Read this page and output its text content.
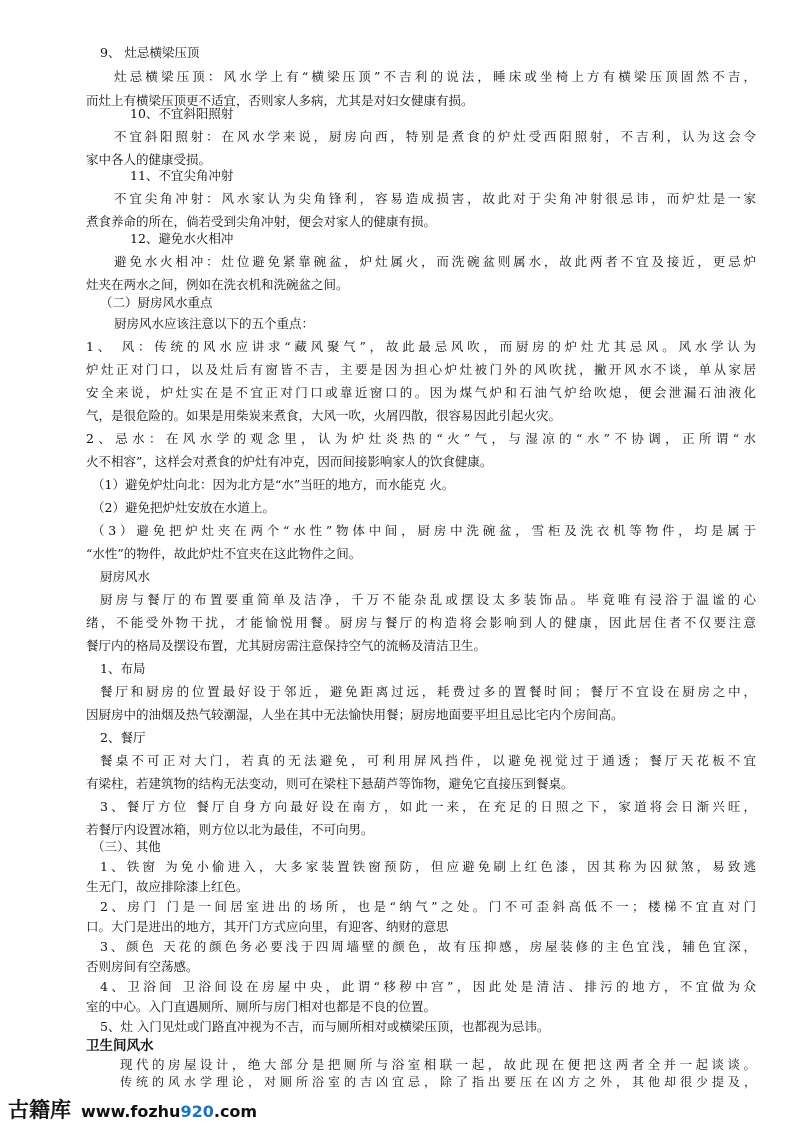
9、 灶忌横梁压顶
灶忌横梁压顶：风水学上有“横梁压顶”不吉利的说法，睡床或坐椅上方有横梁压顶固然不吉，
而灶上有横梁压顶更不适宜，否则家人多病，尤其是对妇女健康有损。
10、不宜斜阳照射
不宜斜阳照射：在风水学来说，厨房向西，特别是煮食的炉灶受西阳照射，不吉利，认为这会令
家中各人的健康受损。
11、不宜尖角冲射
不宜尖角冲射：风水家认为尖角锋利，容易造成损害，故此对于尖角冲射很忌讳，而炉灶是一家
煮食养命的所在，倘若受到尖角冲射，便会对家人的健康有损。
12、避免水火相冲
避免水火相冲：灶位避免紧靠碗盆，炉灶属火，而洗碗盆则属水，故此两者不宜及接近，更忌炉
灶夹在两水之间，例如在洗衣机和洗碗盆之间。
（二）厨房风水重点
厨房风水应该注意以下的五个重点：
1、 风：传统的风水应讲求“藏风聚气”，故此最忌风吹，而厨房的炉灶尤其忌风。风水学认为
炉灶正对门口，以及灶后有窗皆不吉，主要是因为担心炉灶被门外的风吹扰，撇开风水不谈，单从家居
安全来说，炉灶实在是不宜正对门口或靠近窗口的。因为煤气炉和石油气炉给吹熄，便会泄漏石油液化
气，是很危险的。如果是用柴炭来煮食，大风一吹，火屑四散，很容易因此引起火灾。
2、忌水：在风水学的观念里，认为炉灶炎热的“火”气，与湿凉的“水”不协调，正所谓“水
火不相容”，这样会对煮食的炉灶有冲克，因而间接影响家人的饮食健康。
（1）避免炉灶向北：因为北方是“水”当旺的地方，而水能克 火。
（2）避免把炉灶安放在水道上。
（3）避免把炉灶夹在两个“水性”物体中间，厨房中洗碗盆，雪柜及洗衣机等物件，均是属于
“水性”的物件，故此炉灶不宜夹在这此物件之间。
厨房风水
厨房与餐厅的布置要重简单及洁净，千万不能杂乱或摆设太多装饰品。毕竟唯有浸浴于温谧的心
绪，不能受外物干扰，才能愉悦用餐。厨房与餐厅的构造将会影响到人的健康，因此居住者不仅要注意
餐厅内的格局及摆设布置，尤其厨房需注意保持空气的流畅及清洁卫生。
1、布局
餐厅和厨房的位置最好设于邻近，避免距离过远，耗费过多的置餐时间；餐厅不宜设在厨房之中，
因厨房中的油烟及热气较潮湿，人坐在其中无法愉快用餐；厨房地面要平坦且忌比宅内个房间高。
2、餐厅
餐桌不可正对大门，若真的无法避免，可利用屏风挡件，以避免视觉过于通透；餐厅天花板不宜
有梁柱，若建筑物的结构无法变动，则可在梁柱下悬葫芦等饰物，避免它直接压到餐桌。
3、餐厅方位 餐厅自身方向最好设在南方，如此一来，在充足的日照之下，家道将会日渐兴旺，
若餐厅内设置冰箱，则方位以北为最佳，不可向男。
（三）、其他
1、铁窗 为免小偷进入，大多家装置铁窗预防，但应避免刷上红色漆，因其称为囚狱煞，易致逃
生无门，故应排除漆上红色。
2、房门 门是一间居室进出的场所，也是“纳气”之处。门不可歪斜高低不一；楼梯不宜直对门
口。大门是进出的地方，其开门方式应向里，有迎客、纳财的意思
3、颜色 天花的颜色务必要浅于四周墙壁的颜色，故有压抑感，房屋装修的主色宜浅，辅色宜深，
否则房间有空荡感。
4、卫浴间 卫浴间设在房屋中央，此谓“移秽中宫”，因此处是清洁、排污的地方，不宜做为众
室的中心。入门直遇厕所、厕所与房门相对也都是不良的位置。
5、灶 入门见灶或门路直冲视为不吉，而与厕所相对或横梁压顶，也都视为忌讳。
卫生间风水
现代的房屋设计，绝大部分是把厕所与浴室相联一起，故此现在便把这两者全并一起谈谈。
传统的风水学理论，对厕所浴室的吉凶宜忌，除了指出要压在凶方之外，其他却很少提及，
古籍库 www.fozhu920.com
